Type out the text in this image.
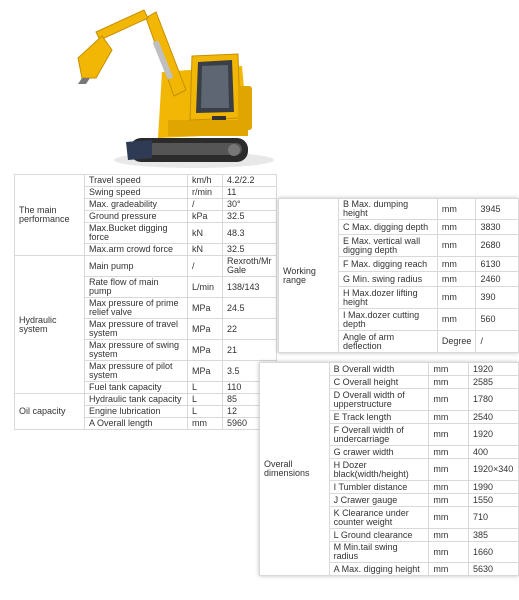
The main performance	Travel speed	km/h	4.2/2.2
	Swing speed	r/min	11
	Max. gradeability	/	30°
	Ground pressure	kPa	32.5
	Max.Bucket digging force	kN	48.3
	Max.arm crowd force	kN	32.5
Hydraulic system	Main pump	/	Rexroth/Mr Gale
	Rate flow of main pump	L/min	138/143
	Max pressure of prime relief valve	MPa	24.5
	Max pressure of travel system	MPa	22
	Max pressure of swing system	MPa	21
	Max pressure of pilot system	MPa	3.5
	Fuel tank capacity	L	110
Oil capacity	Hydraulic tank capacity	L	85
	Engine lubrication	L	12
	A Overall length	mm	5960
Working range	B Max. dumping height	mm	3945
	C Max. digging depth	mm	3830
	E Max. vertical wall digging depth	mm	2680
	F Max. digging reach	mm	6130
	G Min. swing radius	mm	2460
	H Max.dozer lifting height	mm	390
	I Max.dozer cutting depth	mm	560
	Angle of arm deflection	Degree	/
Overall dimensions	B Overall width	mm	1920
	C Overall height	mm	2585
	D Overall width of upperstructure	mm	1780
	E Track length	mm	2540
	F Overall width of undercarriage	mm	1920
	G crawer width	mm	400
	H Dozer black(width/height)	mm	1920×340
	I Tumbler distance	mm	1990
	J Crawer gauge	mm	1550
	K Clearance under counter weight	mm	710
	L Ground clearance	mm	385
	M Min.tail swing radius	mm	1660
	A Max. digging height	mm	5630
